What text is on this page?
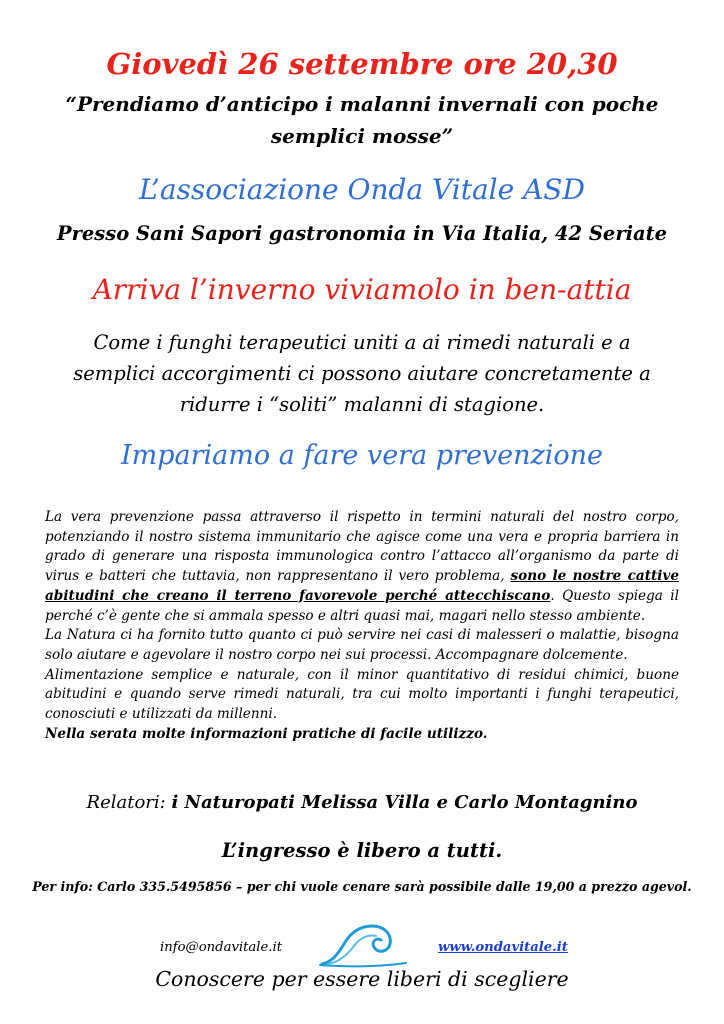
Giovedì 26 settembre ore 20,30
“Prendiamo d’anticipo i malanni invernali con poche
semplici mosse”
L’associazione Onda Vitale ASD
Presso Sani Sapori gastronomia in Via Italia, 42 Seriate
Arriva l’inverno viviamolo in ben-attia
Come i funghi terapeutici uniti a ai rimedi naturali e a
semplici accorgimenti ci possono aiutare concretamente a
ridurre i “soliti” malanni di stagione.
Impariamo a fare vera prevenzione

La vera prevenzione passa attraverso il rispetto in termini naturali del nostro corpo, potenziando il nostro sistema immunitario che agisce come una vera e propria barriera in grado di generare una risposta immunologica contro l’attacco all’organismo da parte di virus e batteri che tuttavia, non rappresentano il vero problema, sono le nostre cattive abitudini che creano il terreno favorevole perché attecchiscano. Questo spiega il perché c’è gente che si ammala spesso e altri quasi mai, magari nello stesso ambiente.

La Natura ci ha fornito tutto quanto ci può servire nei casi di malesseri o malattie, bisogna solo aiutare e agevolare il nostro corpo nei sui processi. Accompagnare dolcemente.

Alimentazione semplice e naturale, con il minor quantitativo di residui chimici, buone abitudini e quando serve rimedi naturali, tra cui molto importanti i funghi terapeutici, conosciuti e utilizzati da millenni.

Nella serata molte informazioni pratiche di facile utilizzo.

Relatori: i Naturopati Melissa Villa e Carlo Montagnino
L’ingresso è libero a tutti.
Per info: Carlo 335.5495856 – per chi vuole cenare sarà possibile dalle 19,00 a prezzo agevol.
info@ondavitale.it	www.ondavitale.it
Conoscere per essere liberi di scegliere
